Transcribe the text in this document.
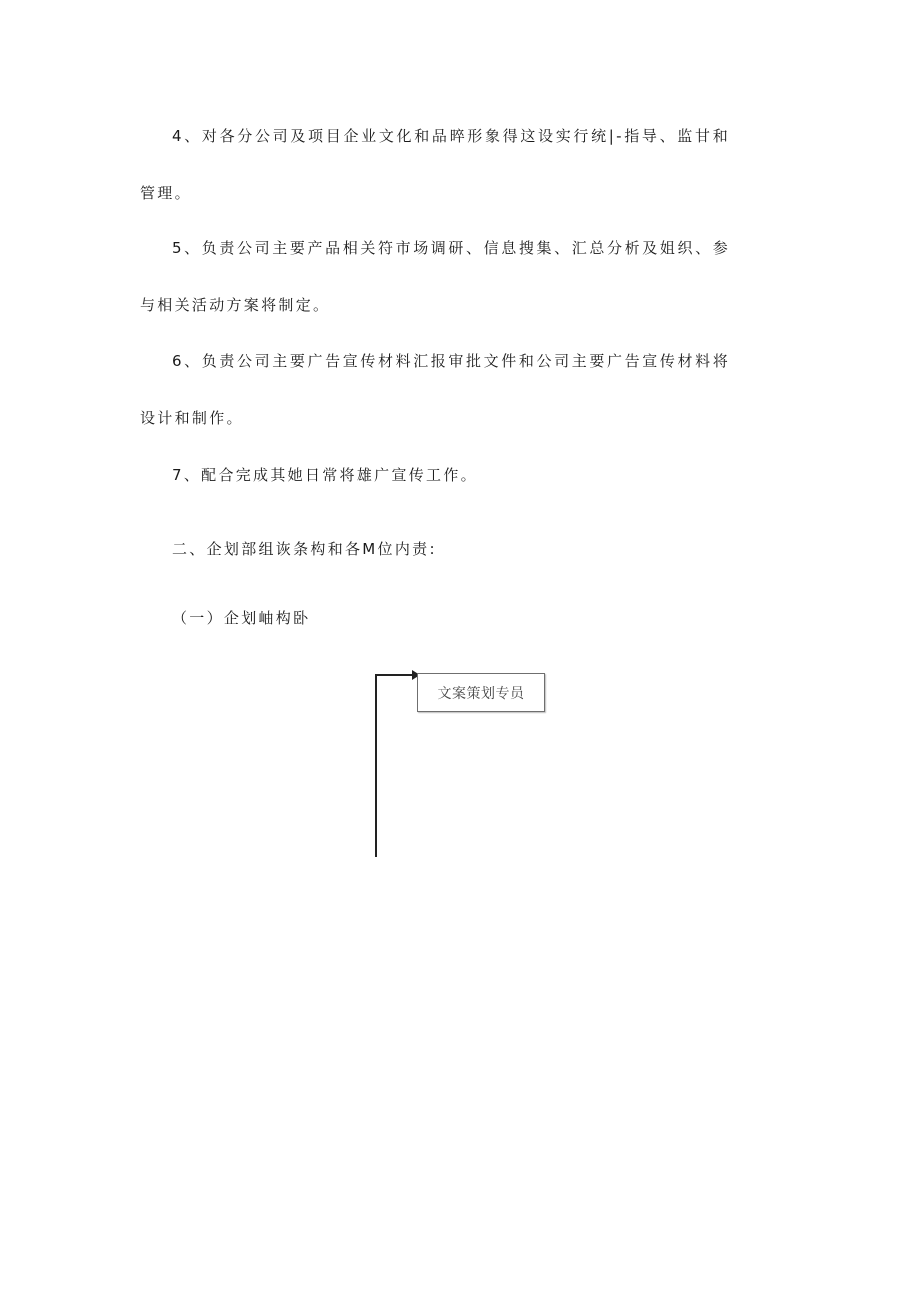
4、对各分公司及项目企业文化和品晬形象得这设实行统|-指导、监甘和管理。

5、负责公司主要产品相关符市场调研、信息搜集、汇总分析及姐织、参与相关活动方案将制定。

6、负责公司主要广告宣传材料汇报审批文件和公司主要广告宣传材料将设计和制作。

7、配合完成其她日常将雄广宣传工作。

二、企划部组诙条构和各M位内责:

（一）企划岫构卧

文案策划专员
